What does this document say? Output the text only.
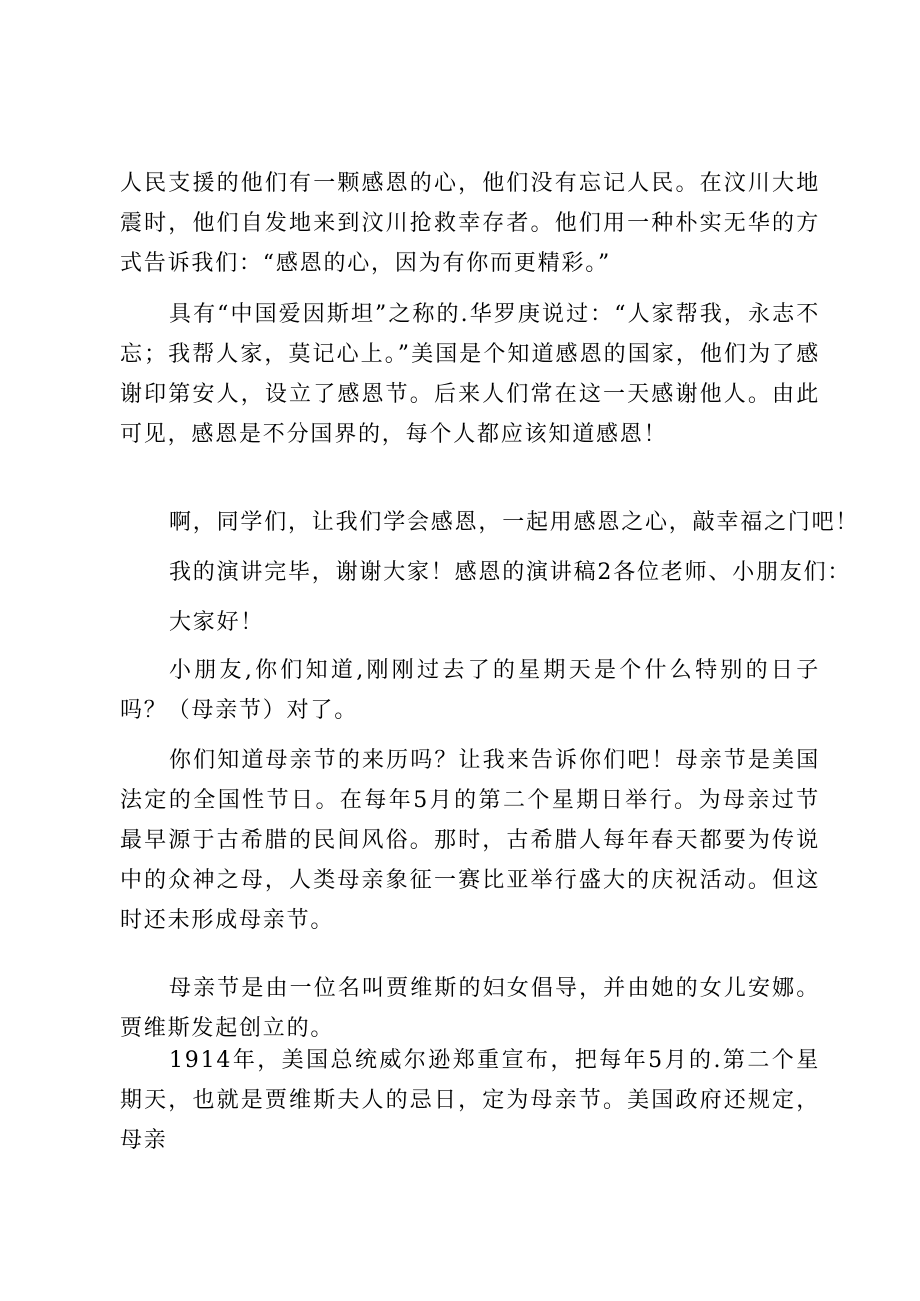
人民支援的他们有一颗感恩的心，他们没有忘记人民。在汶川大地震时，他们自发地来到汶川抢救幸存者。他们用一种朴实无华的方式告诉我们：“感恩的心，因为有你而更精彩。”

具有“中国爱因斯坦”之称的.华罗庚说过：“人家帮我，永志不忘；我帮人家，莫记心上。”美国是个知道感恩的国家，他们为了感谢印第安人，设立了感恩节。后来人们常在这一天感谢他人。由此可见，感恩是不分国界的，每个人都应该知道感恩！

啊，同学们，让我们学会感恩，一起用感恩之心，敲幸福之门吧！

我的演讲完毕，谢谢大家！感恩的演讲稿2各位老师、小朋友们：

大家好！

小朋友,你们知道,刚刚过去了的星期天是个什么特别的日子吗？（母亲节）对了。

你们知道母亲节的来历吗？让我来告诉你们吧！母亲节是美国法定的全国性节日。在每年5月的第二个星期日举行。为母亲过节最早源于古希腊的民间风俗。那时，古希腊人每年春天都要为传说中的众神之母，人类母亲象征一赛比亚举行盛大的庆祝活动。但这时还未形成母亲节。

母亲节是由一位名叫贾维斯的妇女倡导，并由她的女儿安娜。贾维斯发起创立的。

1914年，美国总统威尔逊郑重宣布，把每年5月的.第二个星期天，也就是贾维斯夫人的忌日，定为母亲节。美国政府还规定，母亲
